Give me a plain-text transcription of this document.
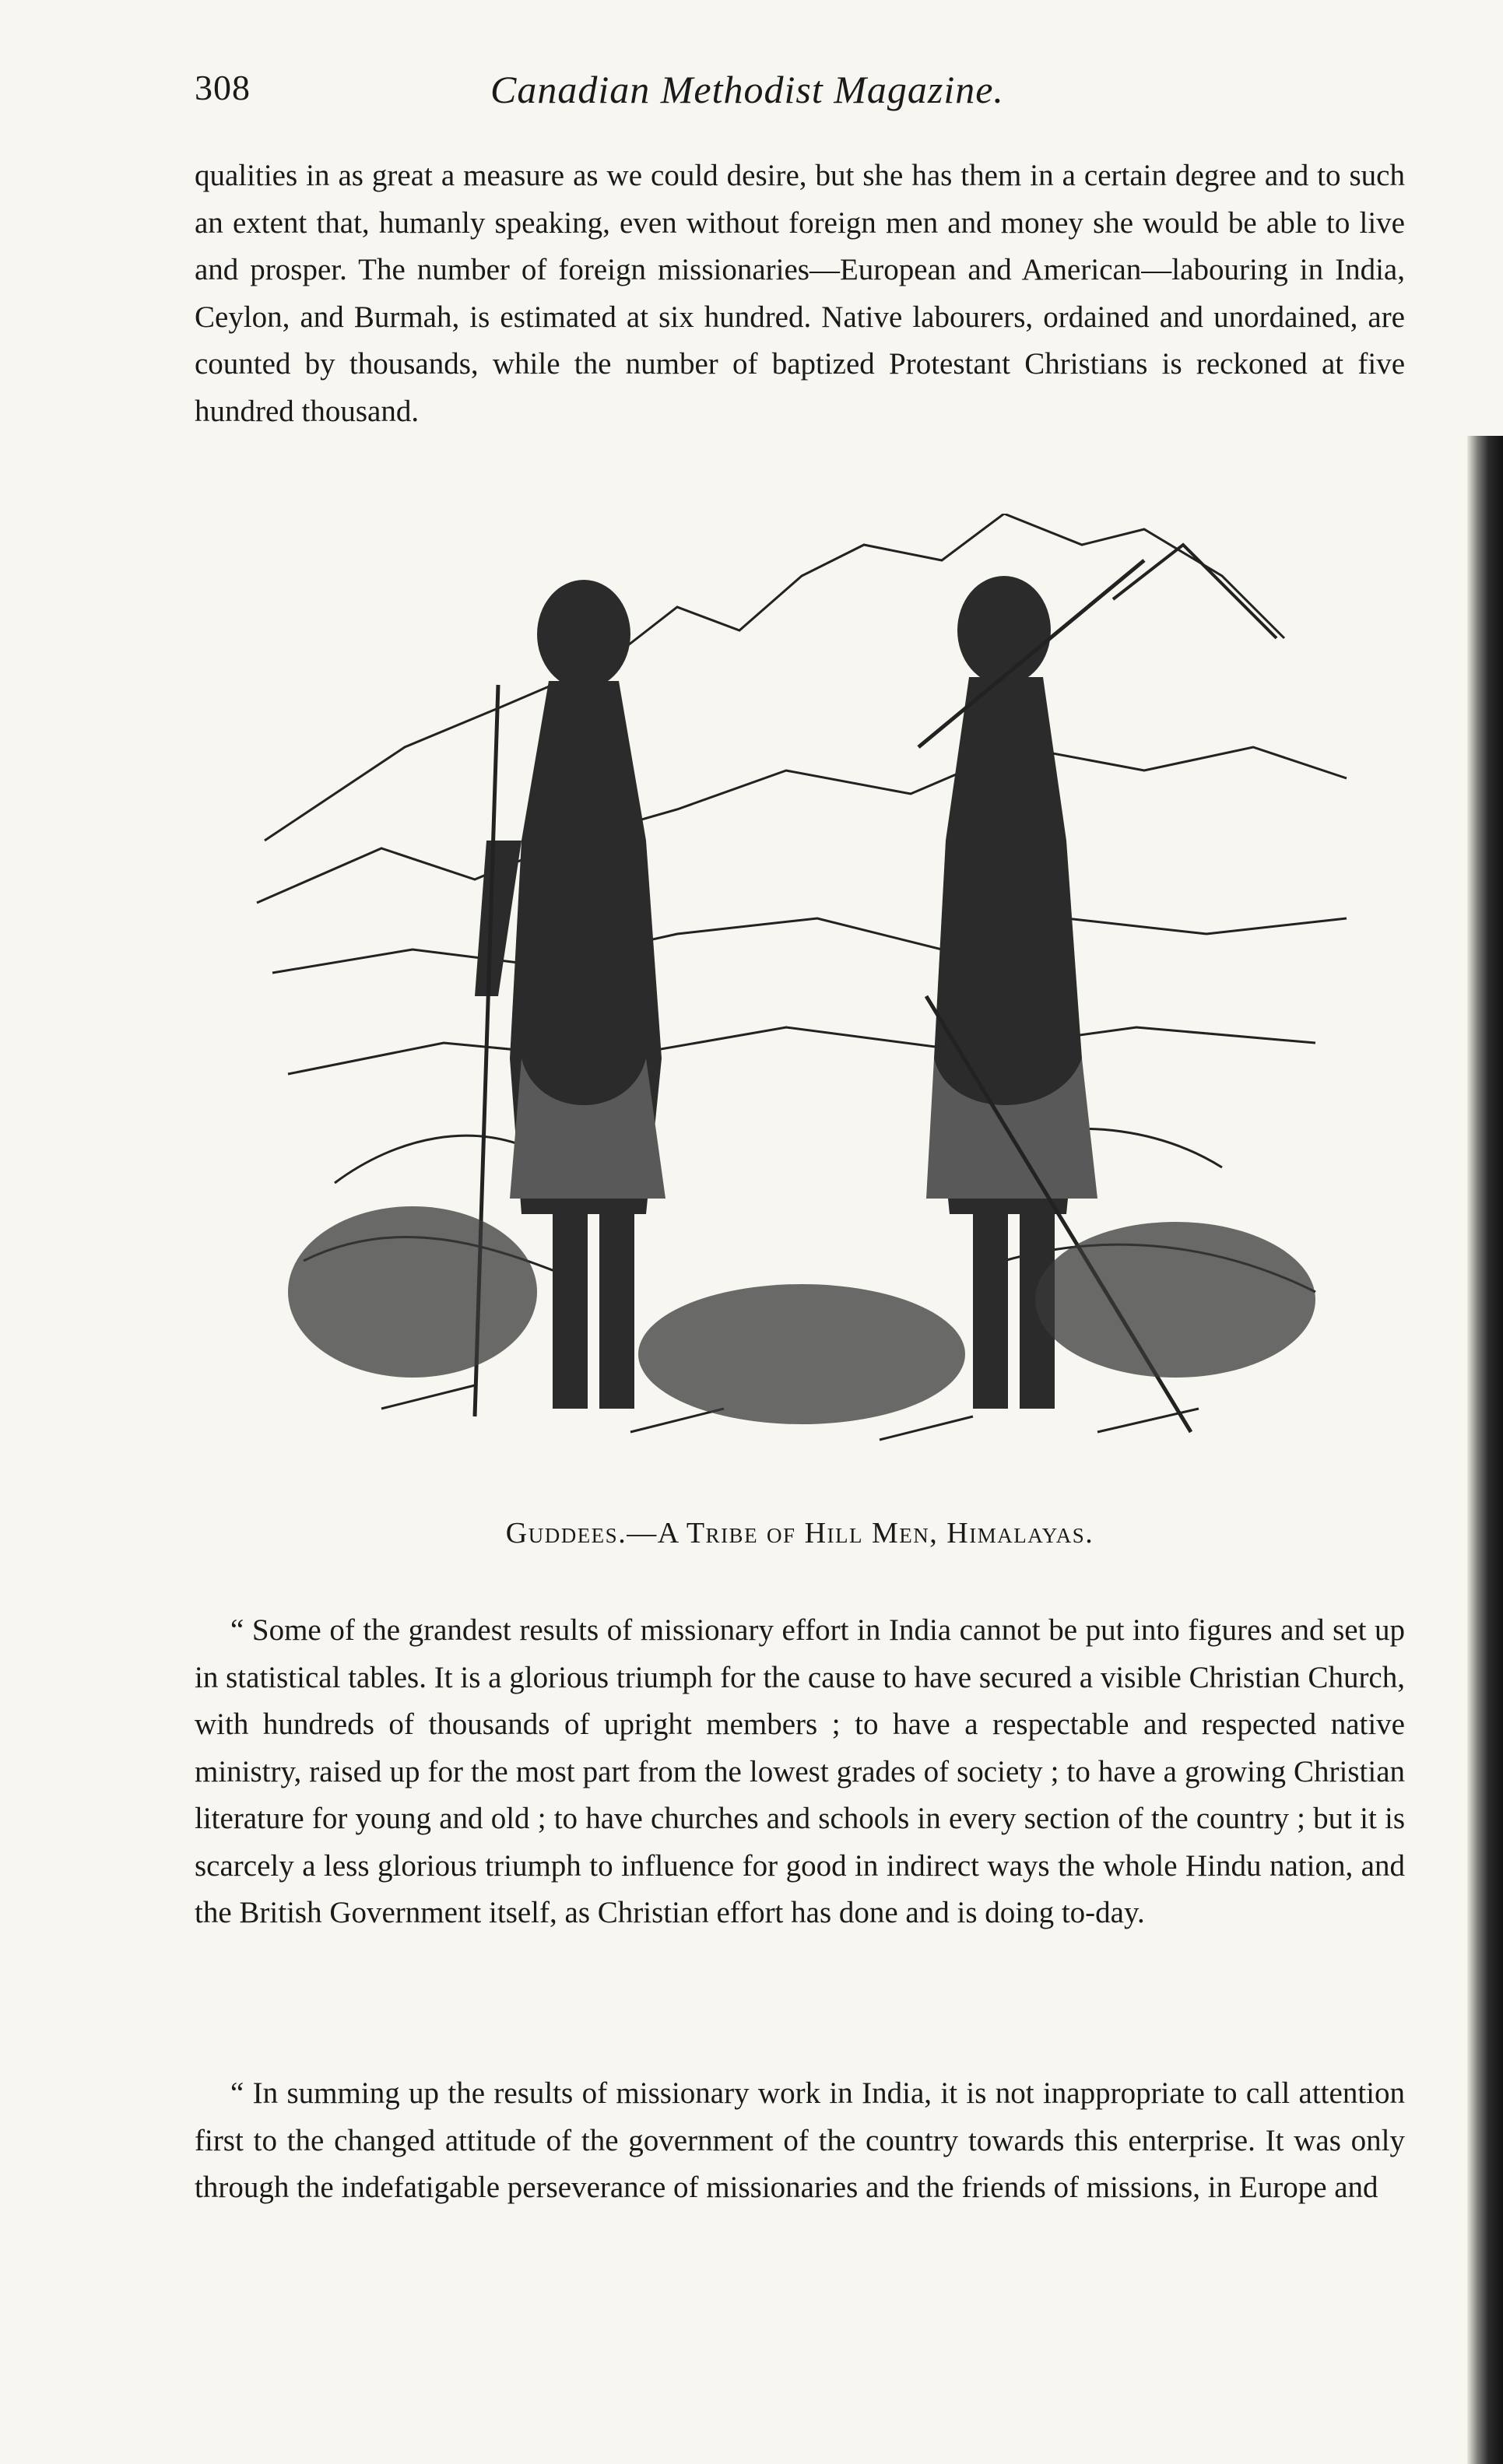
308	Canadian Methodist Magazine.

qualities in as great a measure as we could desire, but she has them in a certain degree and to such an extent that, humanly speaking, even without foreign men and money she would be able to live and prosper. The number of foreign missionaries—European and American—labouring in India, Ceylon, and Burmah, is estimated at six hundred. Native labourers, ordained and unordained, are counted by thousands, while the number of baptized Protestant Christians is reckoned at five hundred thousand.

Guddees.—A Tribe of Hill Men, Himalayas.

“ Some of the grandest results of missionary effort in India cannot be put into figures and set up in statistical tables. It is a glorious triumph for the cause to have secured a visible Christian Church, with hundreds of thousands of upright members ; to have a respectable and respected native ministry, raised up for the most part from the lowest grades of society ; to have a growing Christian literature for young and old ; to have churches and schools in every section of the country ; but it is scarcely a less glorious triumph to influence for good in indirect ways the whole Hindu nation, and the British Government itself, as Christian effort has done and is doing to-day.

“ In summing up the results of missionary work in India, it is not inappropriate to call attention first to the changed attitude of the government of the country towards this enterprise. It was only through the indefatigable perseverance of missionaries and the friends of missions, in Europe and
